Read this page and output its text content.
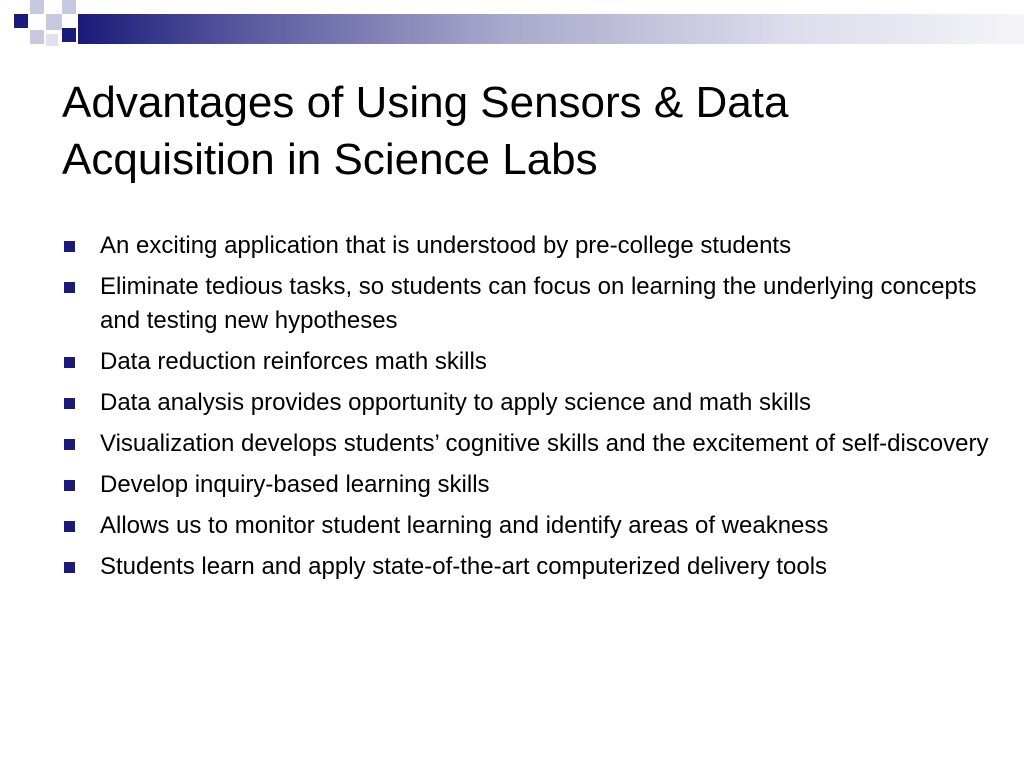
Advantages of Using Sensors & Data
Acquisition in Science Labs
An exciting application that is understood by pre-college students
Eliminate tedious tasks, so students can focus on learning the underlying concepts and testing new hypotheses
Data reduction reinforces math skills
Data analysis provides opportunity to apply science and math skills
Visualization develops students’ cognitive skills and the excitement of self-discovery
Develop inquiry-based learning skills
Allows us to monitor student learning and identify areas of weakness
Students learn and apply state-of-the-art computerized delivery tools
